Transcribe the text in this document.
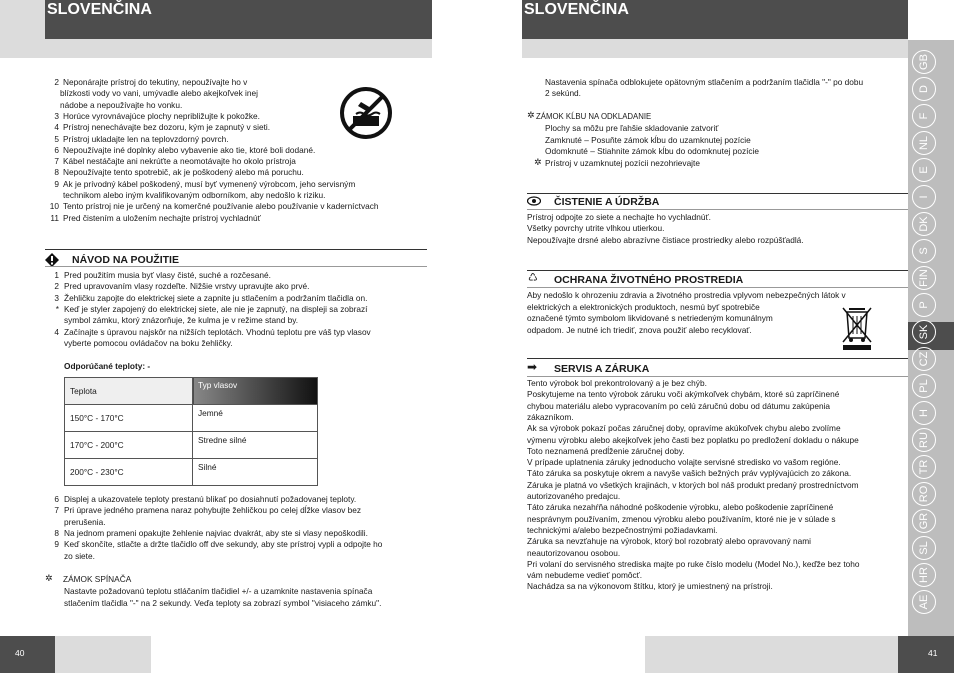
SLOVENČINA
2 Neponárajte prístroj do tekutiny, nepoužívajte ho v
blízkosti vody vo vani, umývadle alebo akejkoľvek inej
nádobe a nepoužívajte ho vonku.
3 Horúce vyrovnávajúce plochy nepribližujte k pokožke.
4 Prístroj nenechávajte bez dozoru, kým je zapnutý v sieti.
5 Prístroj ukladajte len na teplovzdorný povrch.
6 Nepoužívajte iné doplnky alebo vybavenie ako tie, ktoré boli dodané.
7 Kábel nestáčajte ani nekrúťte a neomotávajte ho okolo prístroja
8 Nepoužívajte tento spotrebič, ak je poškodený alebo má poruchu.
9 Ak je prívodný kábel poškodený, musí byť vymenený výrobcom, jeho servisným
technikom alebo iným kvalifikovaným odborníkom, aby nedošlo k riziku.
10 Tento prístroj nie je určený na komerčné používanie alebo používanie v kaderníctvach
11 Pred čistením a uložením nechajte prístroj vychladnúť
NÁVOD NA POUŽITIE
1 Pred použitím musia byť vlasy čisté, suché a rozčesané.
2 Pred upravovaním vlasy rozdeľte. Nižšie vrstvy upravujte ako prvé.
3 Žehličku zapojte do elektrickej siete a zapnite ju stlačením a podržaním tlačidla on.
* Keď je styler zapojený do elektrickej siete, ale nie je zapnutý, na displeji sa zobrazí
symbol zámku, ktorý znázorňuje, že kulma je v režime stand by.
4 Začínajte s úpravou najskôr na nižších teplotách. Vhodnú teplotu pre váš typ vlasov
vyberte pomocou ovládačov na boku žehličky.
Odporúčané teploty: -
Teplota	Typ vlasov
150°C - 170°C	Jemné
170°C - 200°C	Stredne silné
200°C - 230°C	Silné
6 Displej a ukazovatele teploty prestanú blikať po dosiahnutí požadovanej teploty.
7 Pri úprave jedného pramena naraz pohybujte žehličkou po celej dĺžke vlasov bez
prerušenia.
8 Na jednom prameni opakujte žehlenie najviac dvakrát, aby ste si vlasy nepoškodili.
9 Keď skončíte, stlačte a držte tlačidlo off dve sekundy, aby ste prístroj vypli a odpojte ho
zo siete.
✲ ZÁMOK SPÍNAČA
Nastavte požadovanú teplotu stláčaním tlačidiel +/- a uzamknite nastavenia spínača
stlačením tlačidla "-" na 2 sekundy. Veďa teploty sa zobrazí symbol "visiaceho zámku".
40
SLOVENČINA
Nastavenia spínača odblokujete opätovným stlačením a podržaním tlačidla "-" po dobu
2 sekúnd.
✲ ZÁMOK KĹBU NA ODKLADANIE
Plochy sa môžu pre ľahšie skladovanie zatvoriť
Zamknuté – Posuňte zámok kĺbu do uzamknutej pozície
Odomknuté – Stiahnite zámok kĺbu do odomknutej pozície
✲ Prístroj v uzamknutej pozícii nezohrievajte
ČISTENIE A ÚDRŽBA
Prístroj odpojte zo siete a nechajte ho vychladnúť.
Všetky povrchy utrite vlhkou utierkou.
Nepoužívajte drsné alebo abrazívne čistiace prostriedky alebo rozpúšťadlá.
♺ OCHRANA ŽIVOTNÉHO PROSTREDIA
Aby nedošlo k ohrozeniu zdravia a životného prostredia vplyvom nebezpečných látok v
elektrických a elektronických produktoch, nesmú byť spotrebiče
označené týmto symbolom likvidované s netriedeným komunálnym
odpadom. Je nutné ich triediť, znova použiť alebo recyklovať.
➡ SERVIS A ZÁRUKA
Tento výrobok bol prekontrolovaný a je bez chýb.
Poskytujeme na tento výrobok záruku voči akýmkoľvek chybám, ktoré sú zapríčinené
chybou materiálu alebo vypracovaním po celú záručnú dobu od dátumu zakúpenia
zákazníkom.
Ak sa výrobok pokazí počas záručnej doby, opravíme akúkoľvek chybu alebo zvolíme
výmenu výrobku alebo akejkoľvek jeho časti bez poplatku po predložení dokladu o nákupe
Toto neznamená predĺženie záručnej doby.
V prípade uplatnenia záruky jednoducho volajte servisné stredisko vo vašom regióne.
Táto záruka sa poskytuje okrem a navyše vašich bežných práv vyplývajúcich zo zákona.
Záruka je platná vo všetkých krajinách, v ktorých bol náš produkt predaný prostredníctvom
autorizovaného predajcu.
Táto záruka nezahŕňa náhodné poškodenie výrobku, alebo poškodenie zapríčinené
nesprávnym používaním, zmenou výrobku alebo používaním, ktoré nie je v súlade s
technickými a/alebo bezpečnostnými požiadavkami.
Záruka sa nevzťahuje na výrobok, ktorý bol rozobratý alebo opravovaný nami
neautorizovanou osobou.
Pri volaní do servisného strediska majte po ruke číslo modelu (Model No.), keďže bez toho
vám nebudeme vedieť pomôcť.
Nachádza sa na výkonovom štítku, ktorý je umiestnený na prístroji.
GB
D
F
NL
E
I
DK
S
FIN
P
SK
CZ
PL
H
RU
TR
RO
GR
SL
HR
AE
41
